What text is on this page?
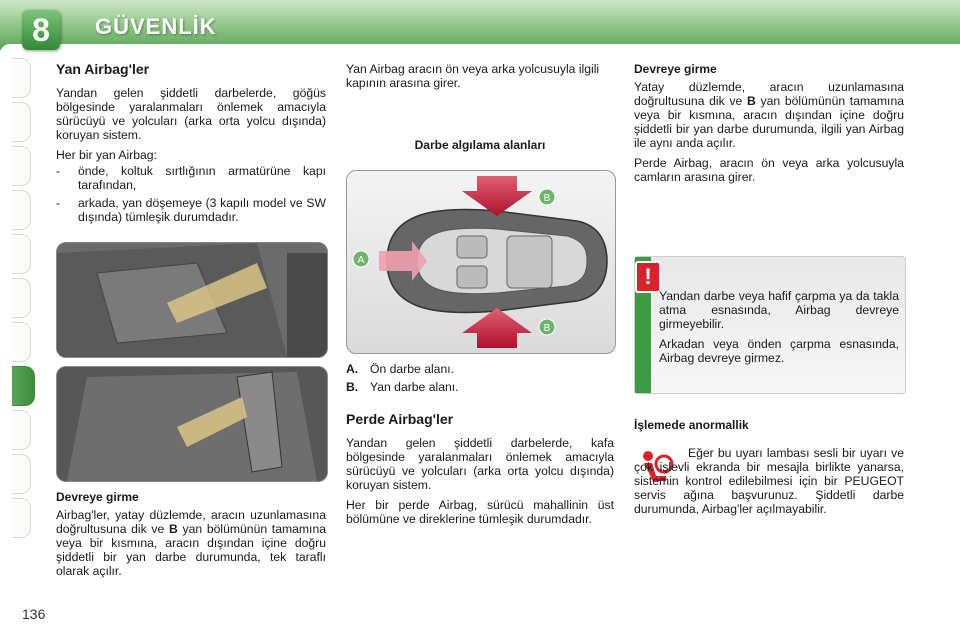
8	GÜVENLİK
Yan Airbag'ler

Yandan gelen şiddetli darbelerde, göğüs bölgesinde yaralanmaları önlemek amacıyla sürücüyü ve yolcuları (arka orta yolcu dışında) koruyan sistem.

Her bir yan Airbag:

-	önde, koltuk sırtlığının armatürüne kapı tarafından,
-	arkada, yan döşemeye (3 kapılı model ve SW dışında) tümleşik durumdadır.
Devreye girme

Airbag'ler, yatay düzlemde, aracın uzunlamasına doğrultusuna dik ve B yan bölümünün tamamına veya bir kısmına, aracın dışından içine doğru şiddetli bir yan darbe durumunda, tek taraflı olarak açılır.

Yan Airbag aracın ön veya arka yolcusuyla ilgili kapının arasına girer.

Darbe algılama alanları
B
B
A
A. Ön darbe alanı.
B. Yan darbe alanı.
Perde Airbag'ler

Yandan gelen şiddetli darbelerde, kafa bölgesinde yaralanmaları önlemek amacıyla sürücüyü ve yolcuları (arka orta yolcu dışında) koruyan sistem.

Her bir perde Airbag, sürücü mahallinin üst bölümüne ve direklerine tümleşik durumdadır.

Devreye girme

Yatay düzlemde, aracın uzunlamasına doğrultusuna dik ve B yan bölümünün tamamına veya bir kısmına, aracın dışından içine doğru şiddetli bir yan darbe durumunda, ilgili yan Airbag ile aynı anda açılır.

Perde Airbag, aracın ön veya arka yolcusuyla camların arasına girer.

!

Yandan darbe veya hafif çarpma ya da takla atma esnasında, Airbag devreye girmeyebilir.

Arkadan veya önden çarpma esnasında, Airbag devreye girmez.

İşlemede anormallik

Eğer bu uyarı lambası sesli bir uyarı ve çok işlevli ekranda bir mesajla birlikte yanarsa, sistemin kontrol edilebilmesi için bir PEUGEOT servis ağına başvurunuz. Şiddetli darbe durumunda, Airbag'ler açılmayabilir.

136
